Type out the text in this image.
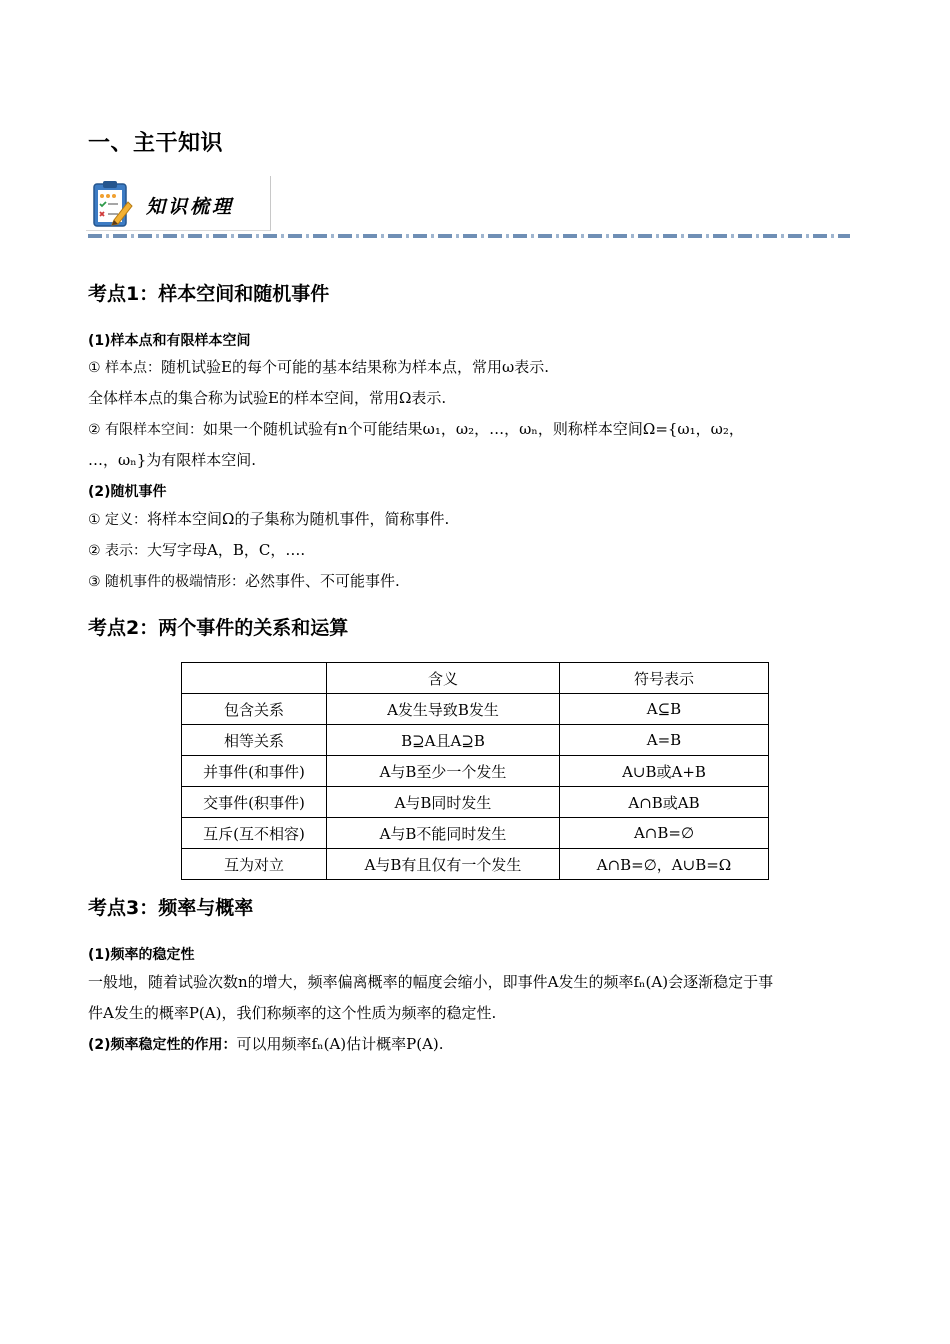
一、主干知识
知识梳理
考点1：样本空间和随机事件
(1)样本点和有限样本空间
① 样本点：随机试验E的每个可能的基本结果称为样本点，常用ω表示.
全体样本点的集合称为试验E的样本空间，常用Ω表示.
② 有限样本空间：如果一个随机试验有n个可能结果ω₁，ω₂，…，ωₙ，则称样本空间Ω={ω₁，ω₂，
…，ωₙ}为有限样本空间.
(2)随机事件
① 定义：将样本空间Ω的子集称为随机事件，简称事件.
② 表示：大写字母A，B，C，….
③ 随机事件的极端情形：必然事件、不可能事件.
考点2：两个事件的关系和运算
	含义	符号表示
包含关系	A发生导致B发生	A⊆B
相等关系	B⊇A且A⊇B	A=B
并事件(和事件)	A与B至少一个发生	A∪B或A+B
交事件(积事件)	A与B同时发生	A∩B或AB
互斥(互不相容)	A与B不能同时发生	A∩B=∅
互为对立	A与B有且仅有一个发生	A∩B=∅，A∪B=Ω
考点3：频率与概率
(1)频率的稳定性
一般地，随着试验次数n的增大，频率偏离概率的幅度会缩小，即事件A发生的频率fₙ(A)会逐渐稳定于事
件A发生的概率P(A)，我们称频率的这个性质为频率的稳定性.
(2)频率稳定性的作用：可以用频率fₙ(A)估计概率P(A).
